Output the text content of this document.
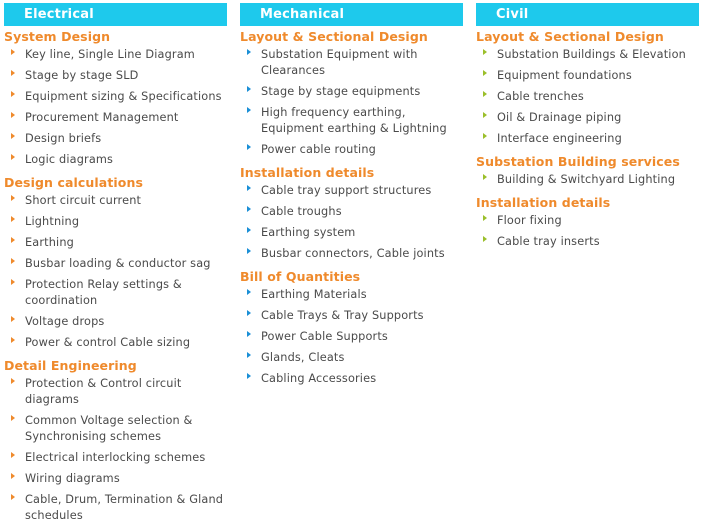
Electrical
System Design
Key line, Single Line Diagram
Stage by stage SLD
Equipment sizing & Specifications
Procurement Management
Design briefs
Logic diagrams
Design calculations
Short circuit current
Lightning
Earthing
Busbar loading & conductor sag
Protection Relay settings & coordination
Voltage drops
Power & control Cable sizing
Detail Engineering
Protection & Control circuit diagrams
Common Voltage selection & Synchronising schemes
Electrical interlocking schemes
Wiring diagrams
Cable, Drum, Termination & Gland schedules
Mechanical
Layout & Sectional Design
Substation Equipment with Clearances
Stage by stage equipments
High frequency earthing, Equipment earthing & Lightning
Power cable routing
Installation details
Cable tray support structures
Cable troughs
Earthing system
Busbar connectors, Cable joints
Bill of Quantities
Earthing Materials
Cable Trays & Tray Supports
Power Cable Supports
Glands, Cleats
Cabling Accessories
Civil
Layout & Sectional Design
Substation Buildings & Elevation
Equipment foundations
Cable trenches
Oil & Drainage piping
Interface engineering
Substation Building services
Building & Switchyard Lighting
Installation details
Floor fixing
Cable tray inserts
